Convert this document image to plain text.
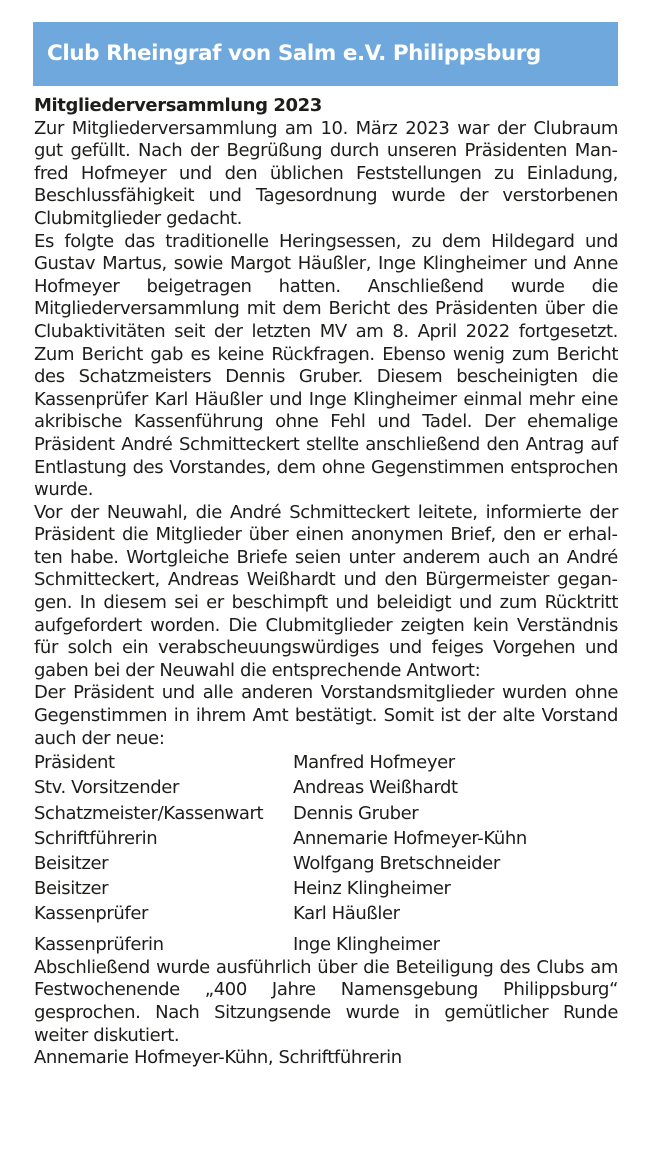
Club Rheingraf von Salm e.V. Philippsburg
Mitgliederversammlung 2023

Zur Mitgliederversammlung am 10. März 2023 war der Clubraum gut gefüllt. Nach der Begrüßung durch unseren Präsidenten Manfred Hofmeyer und den üblichen Feststellungen zu Einladung, Beschlussfähigkeit und Tagesordnung wurde der verstorbenen Clubmitglieder gedacht.

Es folgte das traditionelle Heringsessen, zu dem Hildegard und Gustav Martus, sowie Margot Häußler, Inge Klingheimer und Anne Hofmeyer beigetragen hatten. Anschließend wurde die Mitgliederversammlung mit dem Bericht des Präsidenten über die Clubaktivitäten seit der letzten MV am 8. April 2022 fortgesetzt. Zum Bericht gab es keine Rückfragen. Ebenso wenig zum Bericht des Schatzmeisters Dennis Gruber. Diesem bescheinigten die Kassenprüfer Karl Häußler und Inge Klingheimer einmal mehr eine akribische Kassenführung ohne Fehl und Tadel. Der ehemalige Präsident André Schmitteckert stellte anschließend den Antrag auf Entlastung des Vorstandes, dem ohne Gegenstimmen entsprochen wurde.

Vor der Neuwahl, die André Schmitteckert leitete, informierte der Präsident die Mitglieder über einen anonymen Brief, den er erhalten habe. Wortgleiche Briefe seien unter anderem auch an André Schmitteckert, Andreas Weißhardt und den Bürgermeister gegangen. In diesem sei er beschimpft und beleidigt und zum Rücktritt aufgefordert worden. Die Clubmitglieder zeigten kein Verständnis für solch ein verabscheuungswürdiges und feiges Vorgehen und gaben bei der Neuwahl die entsprechende Antwort:

Der Präsident und alle anderen Vorstandsmitglieder wurden ohne Gegenstimmen in ihrem Amt bestätigt. Somit ist der alte Vorstand auch der neue:

Präsident	Manfred Hofmeyer
Stv. Vorsitzender	Andreas Weißhardt
Schatzmeister/Kassenwart	Dennis Gruber
Schriftführerin	Annemarie Hofmeyer-Kühn
Beisitzer	Wolfgang Bretschneider
Beisitzer	Heinz Klingheimer
Kassenprüfer	Karl Häußler
Kassenprüferin	Inge Klingheimer

Abschließend wurde ausführlich über die Beteiligung des Clubs am Festwochenende „400 Jahre Namensgebung Philippsburg“ gesprochen. Nach Sitzungsende wurde in gemütlicher Runde weiter diskutiert.

Annemarie Hofmeyer-Kühn, Schriftführerin
